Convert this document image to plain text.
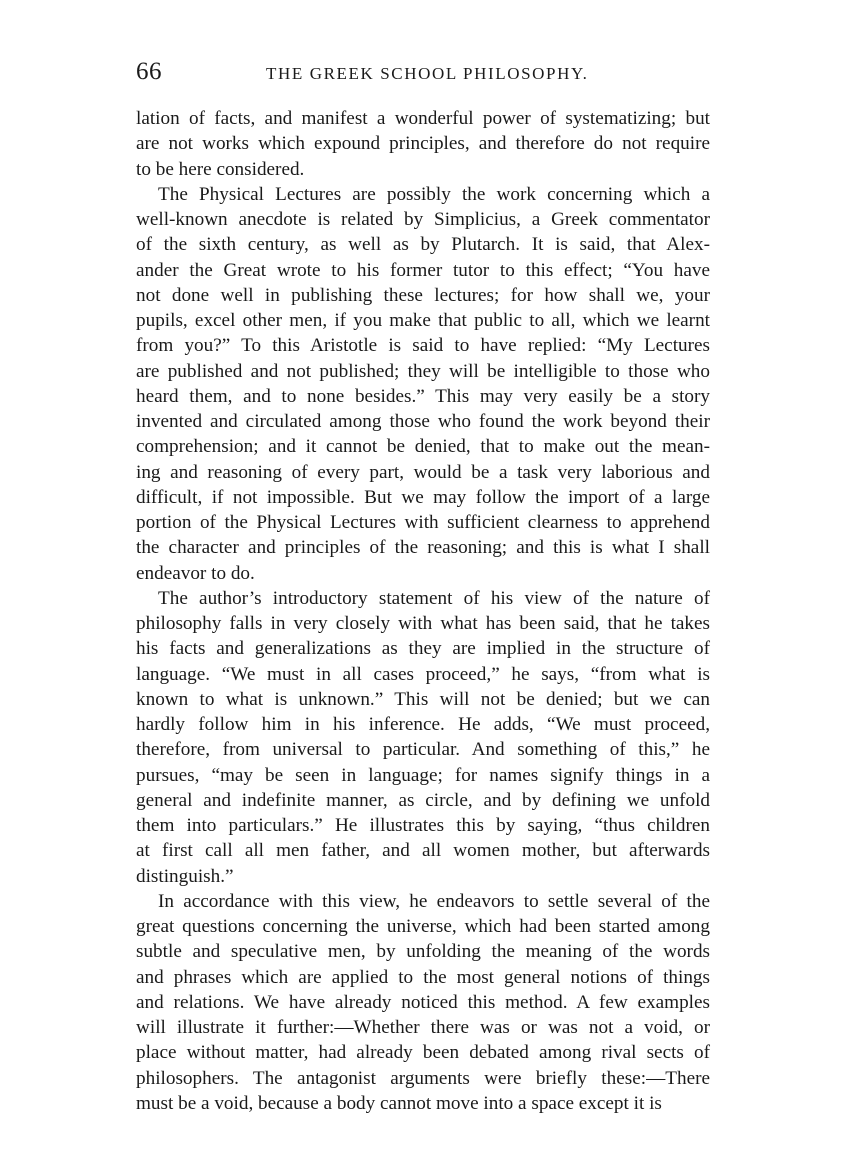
66	THE GREEK SCHOOL PHILOSOPHY.
lation of facts, and manifest a wonderful power of systematizing; but
are not works which expound principles, and therefore do not require
to be here considered.
The Physical Lectures are possibly the work concerning which a
well-known anecdote is related by Simplicius, a Greek commentator
of the sixth century, as well as by Plutarch. It is said, that Alex-
ander the Great wrote to his former tutor to this effect; “You have
not done well in publishing these lectures; for how shall we, your
pupils, excel other men, if you make that public to all, which we learnt
from you?” To this Aristotle is said to have replied: “My Lectures
are published and not published; they will be intelligible to those who
heard them, and to none besides.” This may very easily be a story
invented and circulated among those who found the work beyond their
comprehension; and it cannot be denied, that to make out the mean-
ing and reasoning of every part, would be a task very laborious and
difficult, if not impossible. But we may follow the import of a large
portion of the Physical Lectures with sufficient clearness to apprehend
the character and principles of the reasoning; and this is what I shall
endeavor to do.
The author’s introductory statement of his view of the nature of
philosophy falls in very closely with what has been said, that he takes
his facts and generalizations as they are implied in the structure of
language. “We must in all cases proceed,” he says, “from what is
known to what is unknown.” This will not be denied; but we can
hardly follow him in his inference. He adds, “We must proceed,
therefore, from universal to particular. And something of this,” he
pursues, “may be seen in language; for names signify things in a
general and indefinite manner, as circle, and by defining we unfold
them into particulars.” He illustrates this by saying, “thus children
at first call all men father, and all women mother, but afterwards
distinguish.”
In accordance with this view, he endeavors to settle several of the
great questions concerning the universe, which had been started among
subtle and speculative men, by unfolding the meaning of the words
and phrases which are applied to the most general notions of things
and relations. We have already noticed this method. A few examples
will illustrate it further:—Whether there was or was not a void, or
place without matter, had already been debated among rival sects of
philosophers. The antagonist arguments were briefly these:—There
must be a void, because a body cannot move into a space except it is
